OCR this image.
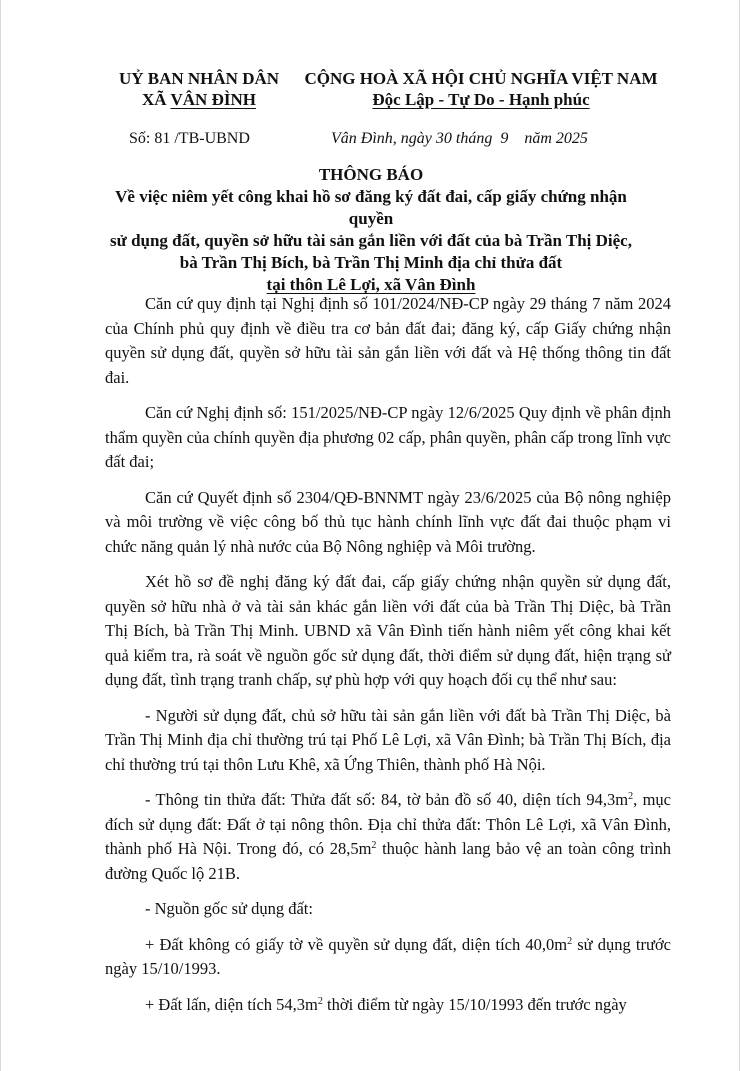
UỶ BAN NHÂN DÂN
XÃ VÂN ĐÌNH
CỘNG HOÀ XÃ HỘI CHỦ NGHĨA VIỆT NAM
Độc Lập - Tự Do - Hạnh phúc
Số: 81 /TB-UBND	Vân Đình, ngày 30 tháng  9    năm 2025
THÔNG BÁO
Về việc niêm yết công khai hồ sơ đăng ký đất đai, cấp giấy chứng nhận quyền
sử dụng đất, quyền sở hữu tài sản gắn liền với đất của bà Trần Thị Diệc,
bà Trần Thị Bích, bà Trần Thị Minh địa chỉ thửa đất
tại thôn Lê Lợi, xã Vân Đình

Căn cứ quy định tại Nghị định số 101/2024/NĐ-CP ngày 29 tháng 7 năm 2024 của Chính phủ quy định về điều tra cơ bản đất đai; đăng ký, cấp Giấy chứng nhận quyền sử dụng đất, quyền sở hữu tài sản gắn liền với đất và Hệ thống thông tin đất đai.

Căn cứ Nghị định số: 151/2025/NĐ-CP ngày 12/6/2025 Quy định về phân định thẩm quyền của chính quyền địa phương 02 cấp, phân quyền, phân cấp trong lĩnh vực đất đai;

Căn cứ Quyết định số 2304/QĐ-BNNMT ngày 23/6/2025 của Bộ nông nghiệp và môi trường về việc công bố thủ tục hành chính lĩnh vực đất đai thuộc phạm vi chức năng quản lý nhà nước của Bộ Nông nghiệp và Môi trường.

Xét hồ sơ đề nghị đăng ký đất đai, cấp giấy chứng nhận quyền sử dụng đất, quyền sở hữu nhà ở và tài sản khác gắn liền với đất của bà Trần Thị Diệc, bà Trần Thị Bích, bà Trần Thị Minh. UBND xã Vân Đình tiến hành niêm yết công khai kết quả kiểm tra, rà soát về nguồn gốc sử dụng đất, thời điểm sử dụng đất, hiện trạng sử dụng đất, tình trạng tranh chấp, sự phù hợp với quy hoạch đối cụ thể như sau:

- Người sử dụng đất, chủ sở hữu tài sản gắn liền với đất bà Trần Thị Diệc, bà Trần Thị Minh địa chỉ thường trú tại Phố Lê Lợi, xã Vân Đình; bà Trần Thị Bích, địa chỉ thường trú tại thôn Lưu Khê, xã Ứng Thiên, thành phố Hà Nội.

- Thông tin thửa đất: Thửa đất số: 84, tờ bản đồ số 40, diện tích $94,3m^2$, mục đích sử dụng đất: Đất ở tại nông thôn. Địa chỉ thửa đất: Thôn Lê Lợi, xã Vân Đình, thành phố Hà Nội. Trong đó, có $28,5m^2$ thuộc hành lang bảo vệ an toàn công trình đường Quốc lộ 21B.

- Nguồn gốc sử dụng đất:

+ Đất không có giấy tờ về quyền sử dụng đất, diện tích $40,0m^2$ sử dụng trước ngày 15/10/1993.

+ Đất lấn, diện tích $54,3m^2$ thời điểm từ ngày 15/10/1993 đến trước ngày
